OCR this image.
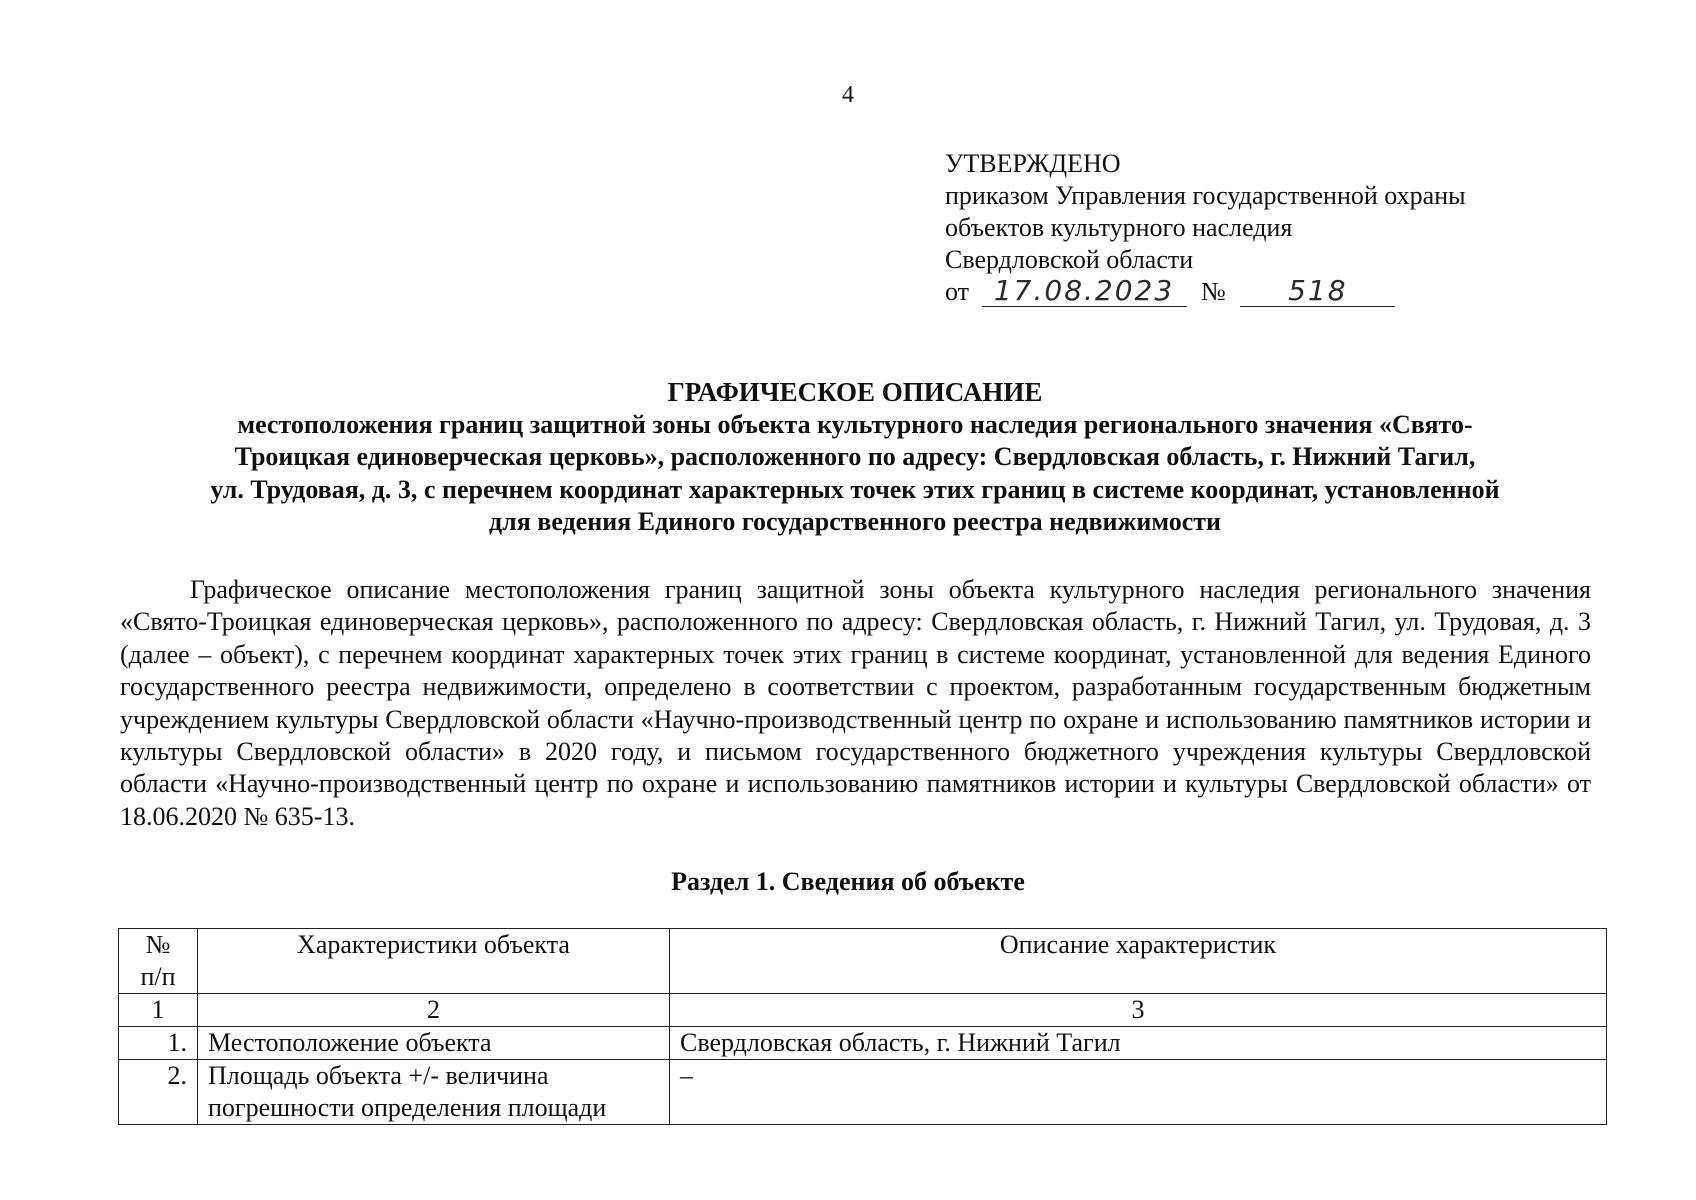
4
УТВЕРЖДЕНО
приказом Управления государственной охраны
объектов культурного наследия
Свердловской области
от 17.08.2023 № 518
ГРАФИЧЕСКОЕ ОПИСАНИЕ
местоположения границ защитной зоны объекта культурного наследия регионального значения «Свято-
Троицкая единоверческая церковь», расположенного по адресу: Свердловская область, г. Нижний Тагил,
ул. Трудовая, д. 3, с перечнем координат характерных точек этих границ в системе координат, установленной
для ведения Единого государственного реестра недвижимости

Графическое описание местоположения границ защитной зоны объекта культурного наследия регионального значения «Свято-Троицкая единоверческая церковь», расположенного по адресу: Свердловская область, г. Нижний Тагил, ул. Трудовая, д. 3 (далее – объект), с перечнем координат характерных точек этих границ в системе координат, установленной для ведения Единого государственного реестра недвижимости, определено в соответствии с проектом, разработанным государственным бюджетным учреждением культуры Свердловской области «Научно-производственный центр по охране и использованию памятников истории и культуры Свердловской области» в 2020 году, и письмом государственного бюджетного учреждения культуры Свердловской области «Научно-производственный центр по охране и использованию памятников истории и культуры Свердловской области» от 18.06.2020 № 635-13.

Раздел 1. Сведения об объекте
№
п/п	Характеристики объекта	Описание характеристик
1	2	3
1.	Местоположение объекта	Свердловская область, г. Нижний Тагил
2.	Площадь объекта +/- величина погрешности определения площади	–
